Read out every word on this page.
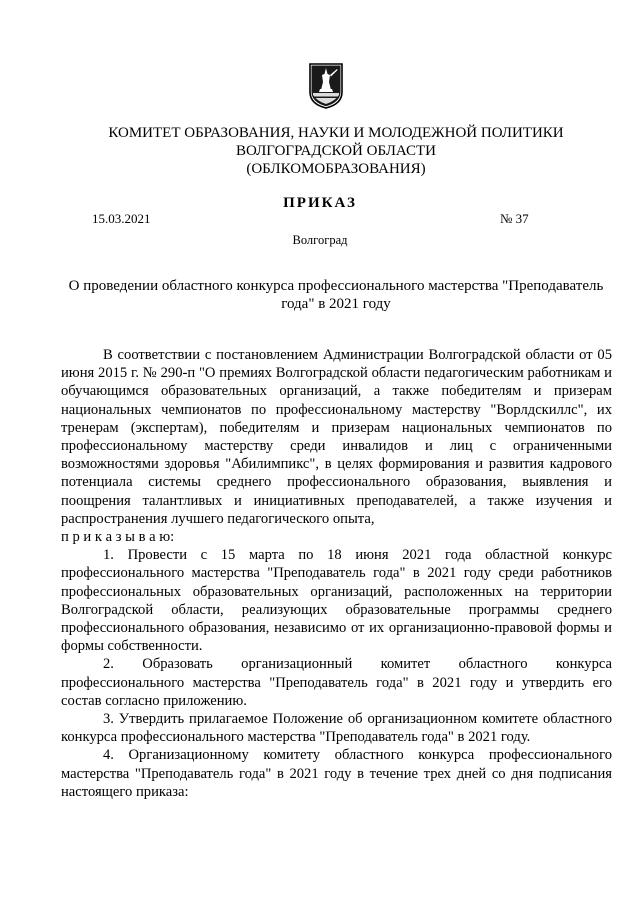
КОМИТЕТ ОБРАЗОВАНИЯ, НАУКИ И МОЛОДЕЖНОЙ ПОЛИТИКИ
ВОЛГОГРАДСКОЙ ОБЛАСТИ
(ОБЛКОМОБРАЗОВАНИЯ)
ПРИКАЗ
15.03.2021	№ 37
Волгоград
О проведении областного конкурса профессионального мастерства "Преподаватель года" в 2021 году

В соответствии с постановлением Администрации Волгоградской области от 05 июня 2015 г. № 290-п "О премиях Волгоградской области педагогическим работникам и обучающимся образовательных организаций, а также победителям и призерам национальных чемпионатов по профессиональному мастерству "Ворлдскиллс", их тренерам (экспертам), победителям и призерам национальных чемпионатов по профессиональному мастерству среди инвалидов и лиц с ограниченными возможностями здоровья "Абилимпикс", в целях формирования и развития кадрового потенциала системы среднего профессионального образования, выявления и поощрения талантливых и инициативных преподавателей, а также изучения и распространения лучшего педагогического опыта,

п р и к а з ы в а ю:

1. Провести с 15 марта по 18 июня 2021 года областной конкурс профессионального мастерства "Преподаватель года" в 2021 году среди работников профессиональных образовательных организаций, расположенных на территории Волгоградской области, реализующих образовательные программы среднего профессионального образования, независимо от их организационно-правовой формы и формы собственности.

2. Образовать организационный комитет областного конкурса профессионального мастерства "Преподаватель года" в 2021 году и утвердить его состав согласно приложению.

3. Утвердить прилагаемое Положение об организационном комитете областного конкурса профессионального мастерства "Преподаватель года" в 2021 году.

4. Организационному комитету областного конкурса профессионального мастерства "Преподаватель года" в 2021 году в течение трех дней со дня подписания настоящего приказа:
